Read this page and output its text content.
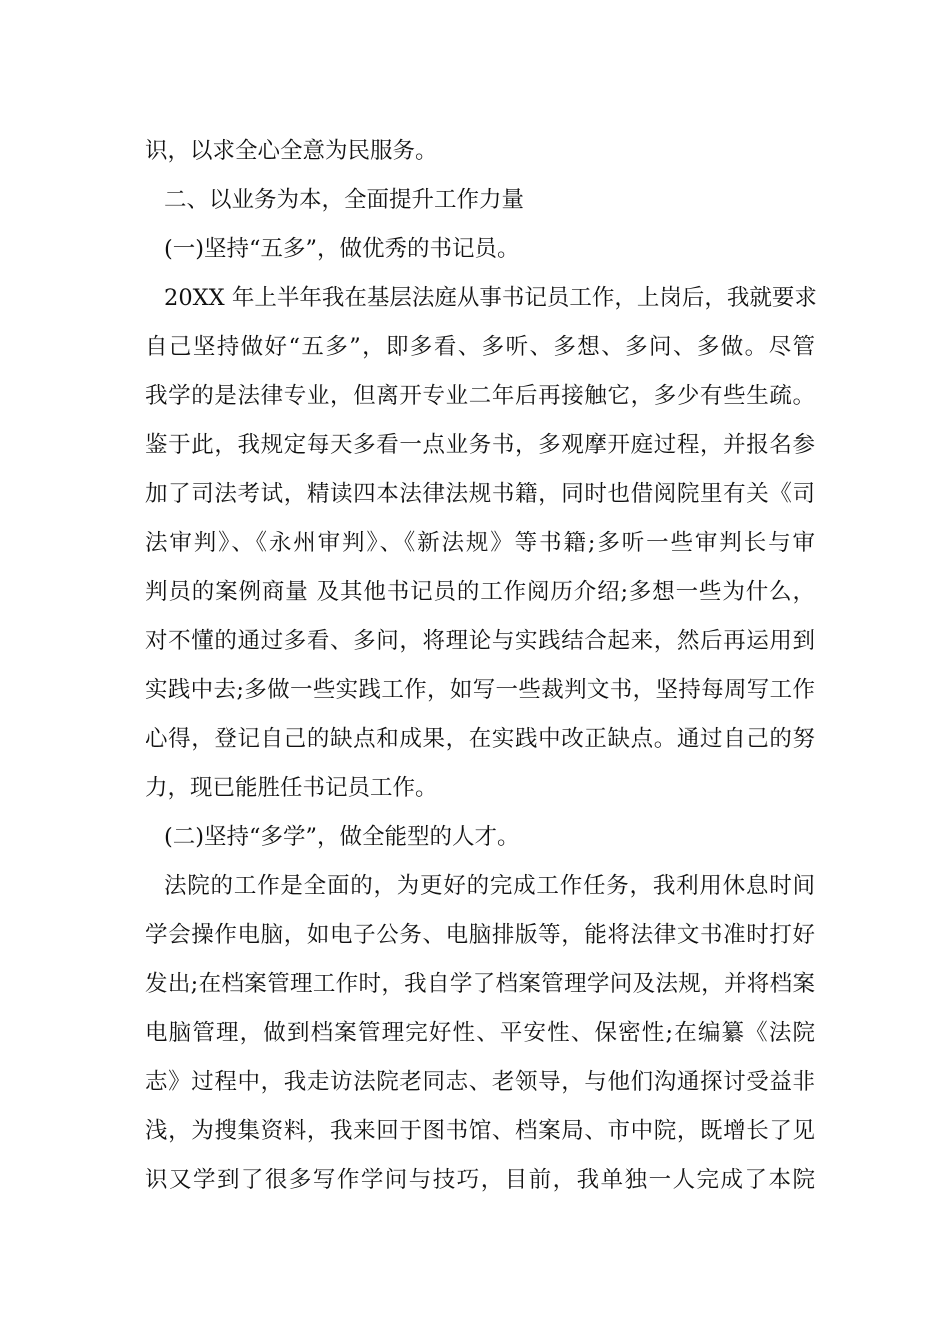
识，以求全心全意为民服务。
二、以业务为本，全面提升工作力量
(一)坚持“五多”，做优秀的书记员。
20XX 年上半年我在基层法庭从事书记员工作，上岗后，我就要求
自己坚持做好“五多”，即多看、多听、多想、多问、多做。尽管
我学的是法律专业，但离开专业二年后再接触它，多少有些生疏。
鉴于此，我规定每天多看一点业务书，多观摩开庭过程，并报名参
加了司法考试，精读四本法律法规书籍，同时也借阅院里有关《司
法审判》、《永州审判》、《新法规》等书籍;多听一些审判长与审
判员的案例商量 及其他书记员的工作阅历介绍;多想一些为什么，
对不懂的通过多看、多问，将理论与实践结合起来，然后再运用到
实践中去;多做一些实践工作，如写一些裁判文书，坚持每周写工作
心得，登记自己的缺点和成果，在实践中改正缺点。通过自己的努
力，现已能胜任书记员工作。
(二)坚持“多学”，做全能型的人才。
法院的工作是全面的，为更好的完成工作任务，我利用休息时间
学会操作电脑，如电子公务、电脑排版等，能将法律文书准时打好
发出;在档案管理工作时，我自学了档案管理学问及法规，并将档案
电脑管理，做到档案管理完好性、平安性、保密性;在编纂《法院
志》过程中，我走访法院老同志、老领导，与他们沟通探讨受益非
浅，为搜集资料，我来回于图书馆、档案局、市中院，既增长了见
识又学到了很多写作学问与技巧，目前，我单独一人完成了本院
